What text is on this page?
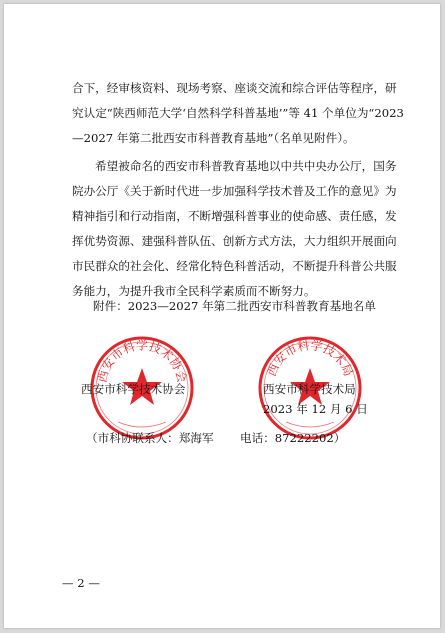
合下，经审核资料、现场考察、座谈交流和综合评估等程序，研

究认定“陕西师范大学‘自然科学科普基地’”等 41 个单位为“2023

—2027 年第二批西安市科普教育基地”（名单见附件）。

希望被命名的西安市科普教育基地以中共中央办公厅，国务

院办公厅《关于新时代进一步加强科学技术普及工作的意见》为

精神指引和行动指南，不断增强科普事业的使命感、责任感，发

挥优势资源、建强科普队伍、创新方式方法，大力组织开展面向

市民群众的社会化、经常化特色科普活动，不断提升科普公共服

务能力，为提升我市全民科学素质而不断努力。

附件：2023—2027 年第二批西安市科普教育基地名单
西安市科学技术协会	西安市科学技术局
西安市科学技术协会	西安市科学技术局
2023 年 12 月 6 日
（市科协联系人：郑海军 电话：87222202）
— 2 —
